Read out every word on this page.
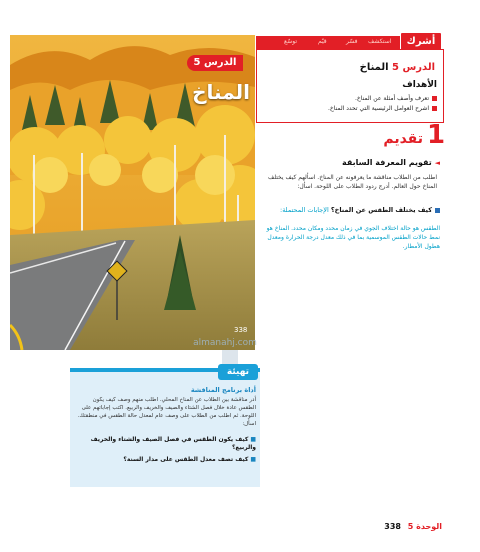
338
الدرس 5
المناخ
استكشف
فسّر
قيّم
توسّع	أشرك
الدرس 5 المناخ
الأهداف
تعرف وأصف أمثلة عن المناخ.
اشرح العوامل الرئيسية التي تحدد المناخ.
1
تقديم
◄ تقويم المعرفة السابقة
اطلب من الطلاب مناقشة ما يعرفونه عن المناخ. اسألهم كيف يختلف المناخ حول العالم. أدرج ردود الطلاب على اللوحة. اسأل:
كيف يختلف الطقس عن المناخ؟ الإجابات المحتملة:
الطقس هو حالة اختلاف الجوي في زمان محدد ومكان محدد. المناخ هو نمط حالات الطقس الموسمية بما في ذلك معدل درجة الحرارة ومعدل هطول الأمطار.
almanahj.com
تهيئة
أداة برنامج المناقشة
أدر مناقشة بين الطلاب عن المناخ المحلي. اطلب منهم وصف كيف يكون الطقس عادة خلال فصل الشتاء والصيف والخريف والربيع. اكتب إجاباتهم على اللوحة. ثم اطلب من الطلاب على وصف عام لمعدل حالة الطقس في منطقتك. اسأل:
■كيف يكون الطقس في فصل الصيف والشتاء والخريف والربيع؟
■كيف تصف معدل الطقس على مدار السنة؟
الوحدة 5 338
